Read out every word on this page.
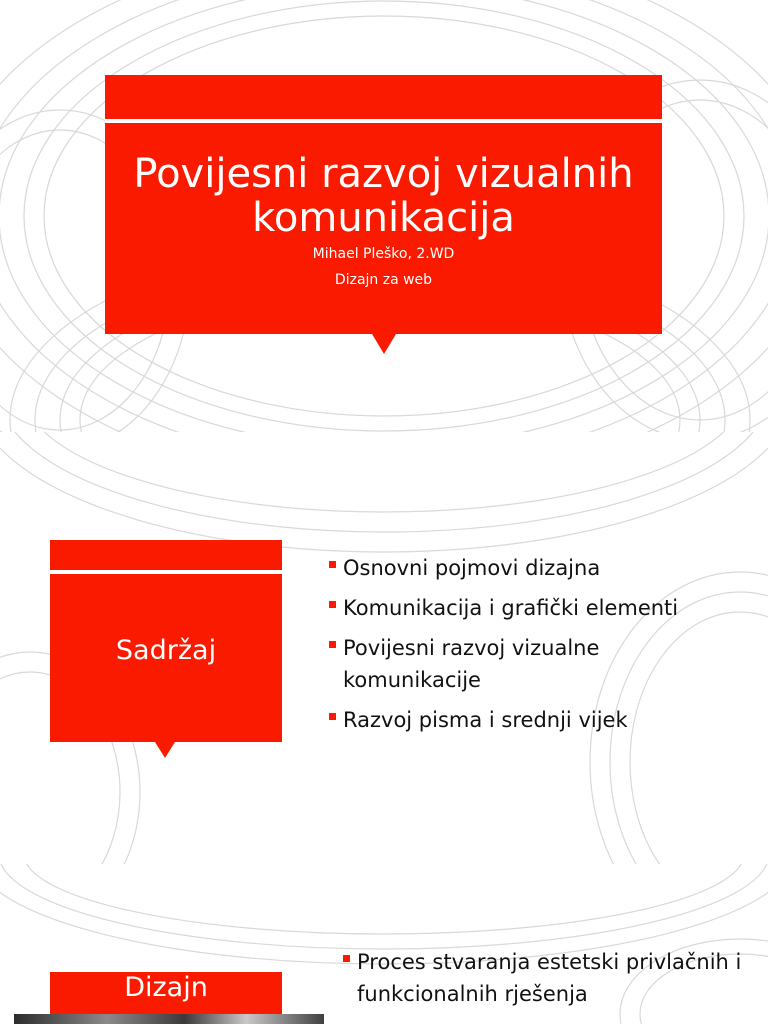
Povijesni razvoj vizualnih komunikacija
Mihael Pleško, 2.WD
Dizajn za web
Sadržaj
Osnovni pojmovi dizajna
Komunikacija i grafički elementi
Povijesni razvoj vizualne komunikacije
Razvoj pisma i srednji vijek
Dizajn
Proces stvaranja estetski privlačnih i funkcionalnih rješenja
